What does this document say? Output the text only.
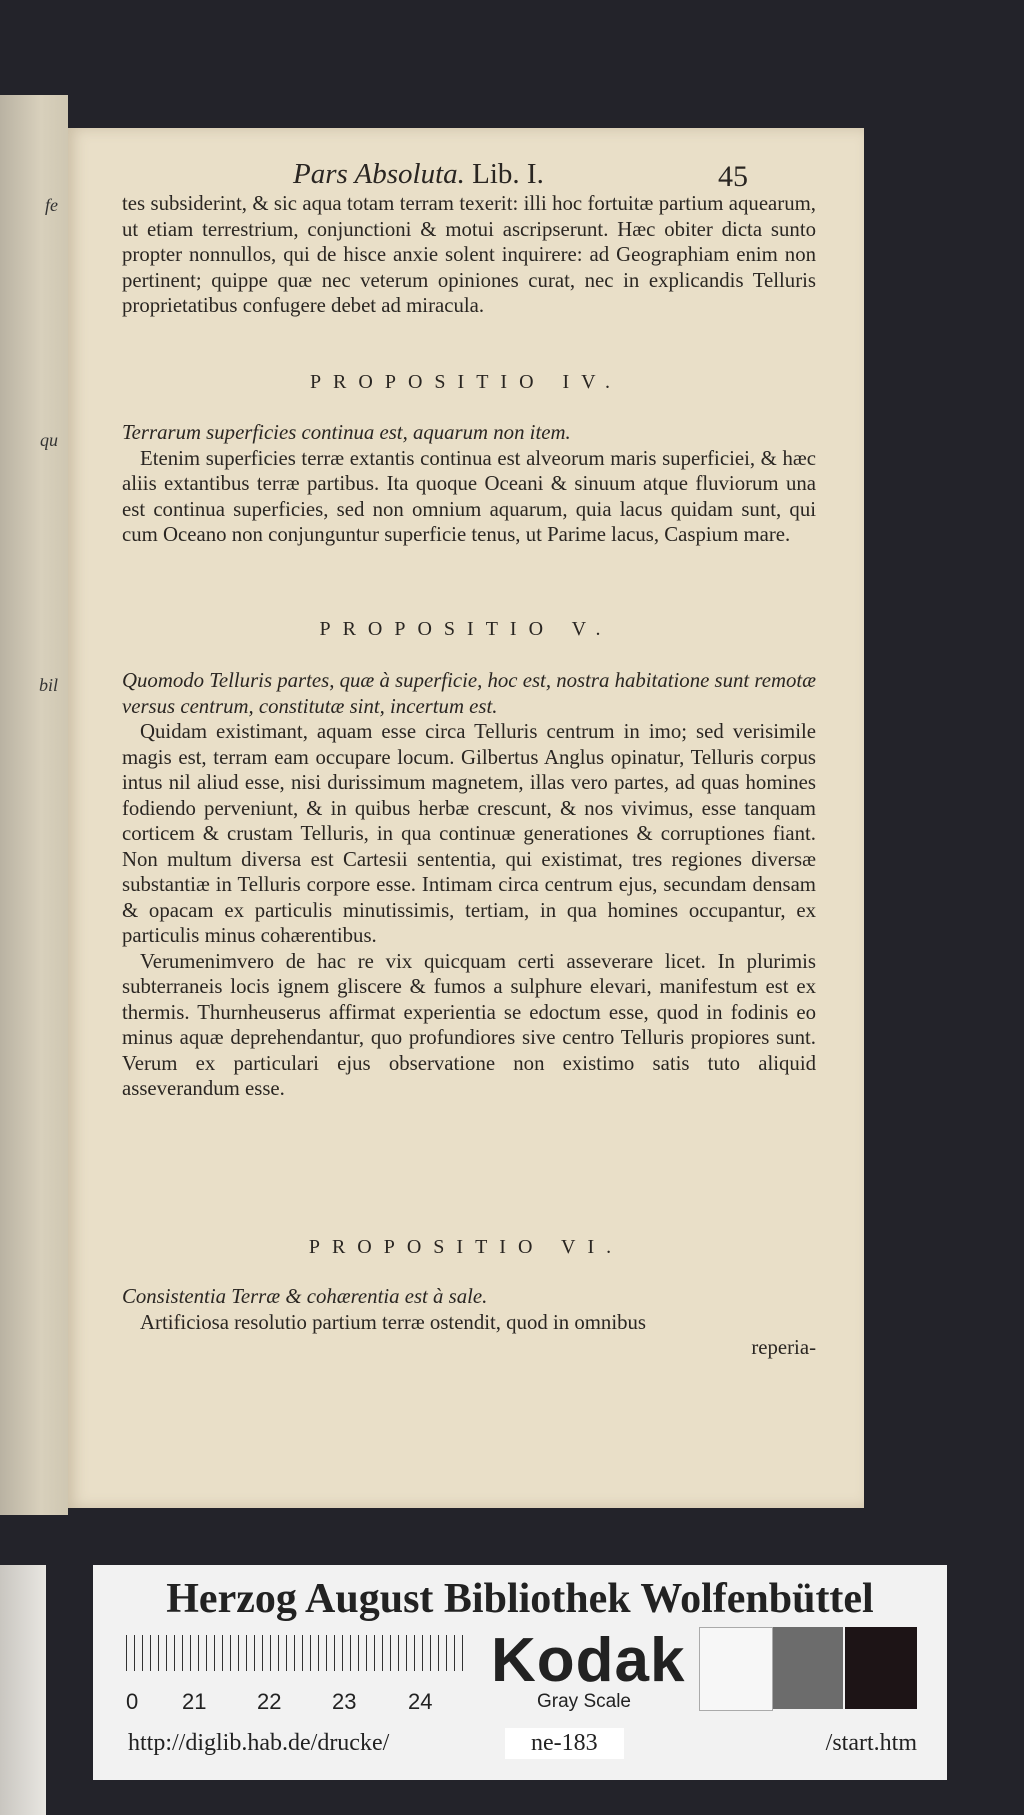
fe
qu
bil
Pars Absoluta. Lib. I.	45

tes subsiderint, & sic aqua totam terram texerit: illi hoc fortuitæ partium aquearum, ut etiam terrestrium, conjunctioni & motui ascripserunt. Hæc obiter dicta sunto propter nonnullos, qui de hisce anxie solent inquirere: ad Geographiam enim non pertinent; quippe quæ nec veterum opiniones curat, nec in explicandis Telluris proprietatibus confugere debet ad miracula.

PROPOSITIO IV.

Terrarum superficies continua est, aquarum non item.

Etenim superficies terræ extantis continua est alveorum maris superficiei, & hæc aliis extantibus terræ partibus. Ita quoque Oceani & sinuum atque fluviorum una est continua superficies, sed non omnium aquarum, quia lacus quidam sunt, qui cum Oceano non conjunguntur superficie tenus, ut Parime lacus, Caspium mare.

PROPOSITIO V.

Quomodo Telluris partes, quæ à superficie, hoc est, nostra habitatione sunt remotæ versus centrum, constitutæ sint, incertum est.

Quidam existimant, aquam esse circa Telluris centrum in imo; sed verisimile magis est, terram eam occupare locum. Gilbertus Anglus opinatur, Telluris corpus intus nil aliud esse, nisi durissimum magnetem, illas vero partes, ad quas homines fodiendo perveniunt, & in quibus herbæ crescunt, & nos vivimus, esse tanquam corticem & crustam Telluris, in qua continuæ generationes & corruptiones fiant. Non multum diversa est Cartesii sententia, qui existimat, tres regiones diversæ substantiæ in Telluris corpore esse. Intimam circa centrum ejus, secundam densam & opacam ex particulis minutissimis, tertiam, in qua homines occupantur, ex particulis minus cohærentibus.

Verumenimvero de hac re vix quicquam certi asseverare licet. In plurimis subterraneis locis ignem gliscere & fumos a sulphure elevari, manifestum est ex thermis. Thurnheuserus affirmat experientia se edoctum esse, quod in fodinis eo minus aquæ deprehendantur, quo profundiores sive centro Telluris propiores sunt. Verum ex particulari ejus observatione non existimo satis tuto aliquid asseverandum esse.

PROPOSITIO VI.

Consistentia Terræ & cohærentia est à sale.

Artificiosa resolutio partium terræ ostendit, quod in omnibus

reperia-

Herzog August Bibliothek Wolfenbüttel
0 21 22 23 24
Kodak
Gray Scale
http://diglib.hab.de/drucke/	ne-183	/start.htm
